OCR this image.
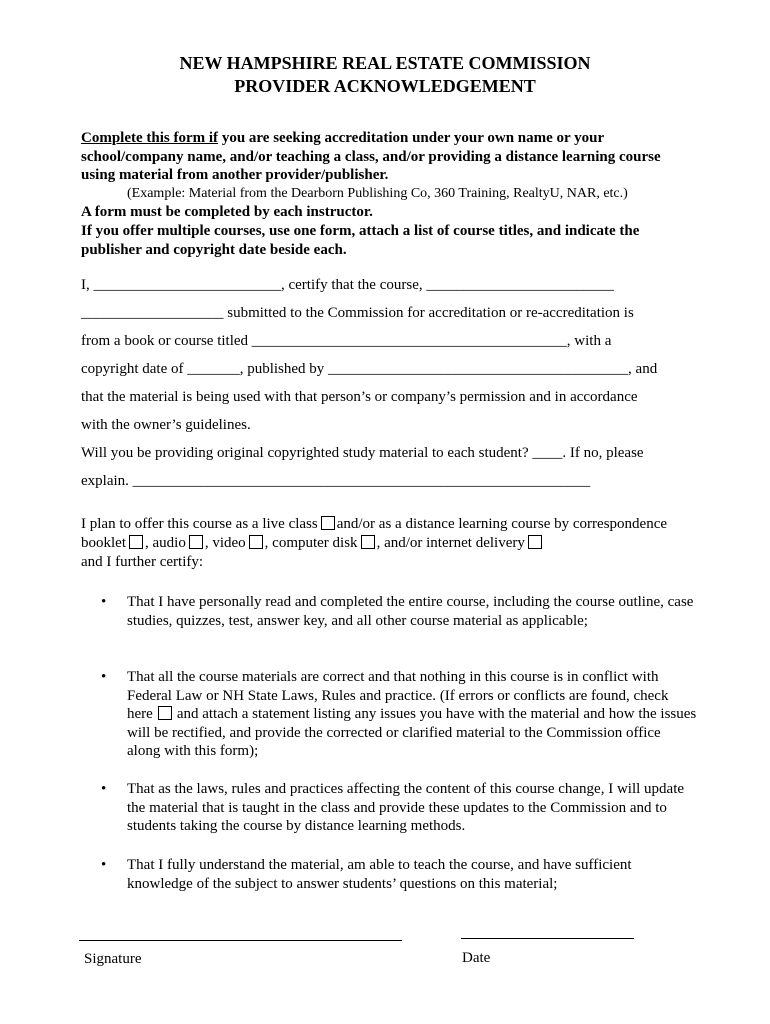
NEW HAMPSHIRE REAL ESTATE COMMISSION
PROVIDER ACKNOWLEDGEMENT
Complete this form if you are seeking accreditation under your own name or your school/company name, and/or teaching a class, and/or providing a distance learning course using material from another provider/publisher.
(Example: Material from the Dearborn Publishing Co, 360 Training, RealtyU, NAR, etc.)
A form must be completed by each instructor.
If you offer multiple courses, use one form, attach a list of course titles, and indicate the publisher and copyright date beside each.
I, _________________________, certify that the course, _________________________
___________________ submitted to the Commission for accreditation or re-accreditation is
from a book or course titled __________________________________________, with a
copyright date of _______, published by ________________________________________, and
that the material is being used with that person’s or company’s permission and in accordance
with the owner’s guidelines.
Will you be providing original copyrighted study material to each student? ____. If no, please
explain. _____________________________________________________________
I plan to offer this course as a live class and/or as a distance learning course by correspondence booklet , audio , video , computer disk , and/or internet delivery
and I further certify:
• That I have personally read and completed the entire course, including the course outline, case studies, quizzes, test, answer key, and all other course material as applicable;
• That all the course materials are correct and that nothing in this course is in conflict with Federal Law or NH State Laws, Rules and practice. (If errors or conflicts are found, check here and attach a statement listing any issues you have with the material and how the issues will be rectified, and provide the corrected or clarified material to the Commission office along with this form);
• That as the laws, rules and practices affecting the content of this course change, I will update the material that is taught in the class and provide these updates to the Commission and to students taking the course by distance learning methods.
• That I fully understand the material, am able to teach the course, and have sufficient knowledge of the subject to answer students’ questions on this material;
Signature	Date
